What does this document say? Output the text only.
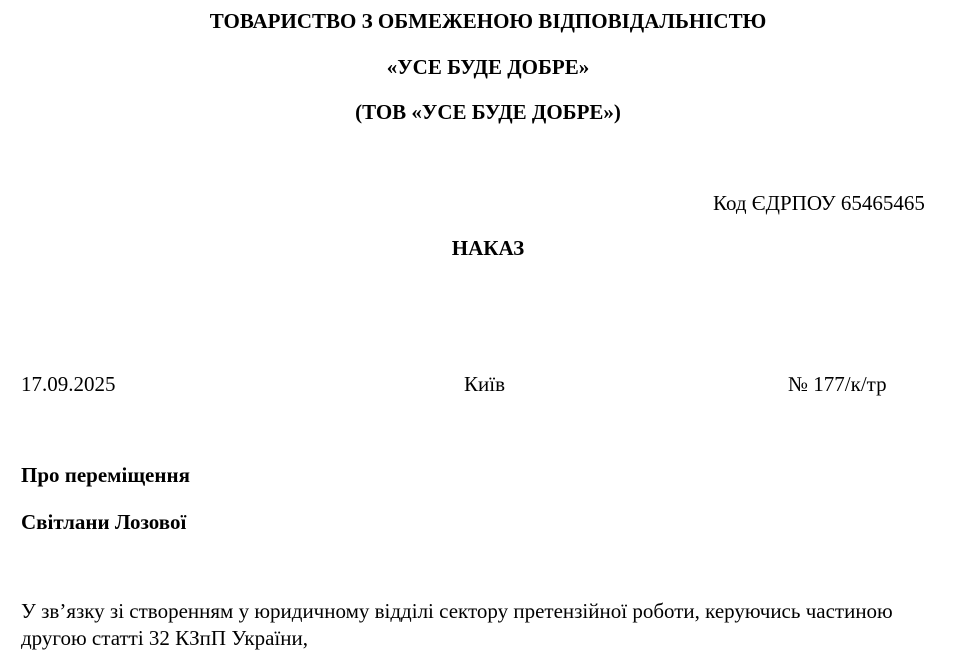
ТОВАРИСТВО З ОБМЕЖЕНОЮ ВІДПОВІДАЛЬНІСТЮ
«УСЕ БУДЕ ДОБРЕ»
(ТОВ «УСЕ БУДЕ ДОБРЕ»)
Код ЄДРПОУ 65465465
НАКАЗ
17.09.2025	Київ	№ 177/к/тр
Про переміщення
Світлани Лозової
У зв’язку зі створенням у юридичному відділі сектору претензійної роботи, керуючись частиною другою статті 32 КЗпП України,
